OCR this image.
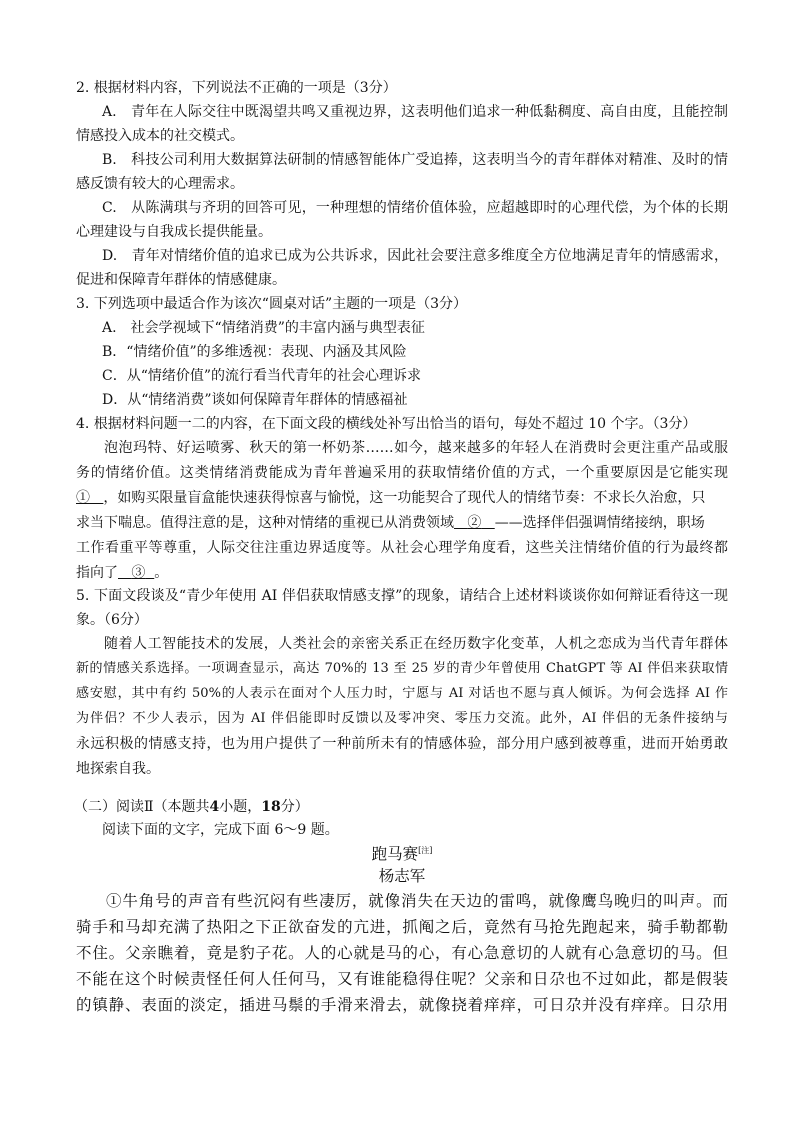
2. 根据材料内容，下列说法不正确的一项是（3分）
A.　青年在人际交往中既渴望共鸣又重视边界，这表明他们追求一种低黏稠度、高自由度，且能控制
情感投入成本的社交模式。
B.　科技公司利用大数据算法研制的情感智能体广受追捧，这表明当今的青年群体对精准、及时的情
感反馈有较大的心理需求。
C.　从陈满琪与齐玥的回答可见，一种理想的情绪价值体验，应超越即时的心理代偿，为个体的长期
心理建设与自我成长提供能量。
D.　青年对情绪价值的追求已成为公共诉求，因此社会要注意多维度全方位地满足青年的情感需求，
促进和保障青年群体的情感健康。
3. 下列选项中最适合作为该次“圆桌对话”主题的一项是（3分）
A.　社会学视域下“情绪消费”的丰富内涵与典型表征
B．“情绪价值”的多维透视：表现、内涵及其风险
C．从“情绪价值”的流行看当代青年的社会心理诉求
D．从“情绪消费”谈如何保障青年群体的情感福祉
4. 根据材料问题一二的内容，在下面文段的横线处补写出恰当的语句，每处不超过 10 个字。（3分）
泡泡玛特、好运喷雾、秋天的第一杯奶茶……如今，越来越多的年轻人在消费时会更注重产品或服
务的情绪价值。这类情绪消费能成为青年普遍采用的获取情绪价值的方式，一个重要原因是它能实现
① ，如购买限量盲盒能快速获得惊喜与愉悦，这一功能契合了现代人的情绪节奏：不求长久治愈，只
求当下喘息。值得注意的是，这种对情绪的重视已从消费领域 ② ——选择伴侣强调情绪接纳，职场
工作看重平等尊重，人际交往注重边界适度等。从社会心理学角度看，这些关注情绪价值的行为最终都
指向了 ③ 。
5. 下面文段谈及“青少年使用 AI 伴侣获取情感支撑”的现象，请结合上述材料谈谈你如何辩证看待这一现
象。（6分）
随着人工智能技术的发展，人类社会的亲密关系正在经历数字化变革，人机之恋成为当代青年群体
新的情感关系选择。一项调查显示，高达 70%的 13 至 25 岁的青少年曾使用 ChatGPT 等 AI 伴侣来获取情
感安慰，其中有约 50%的人表示在面对个人压力时，宁愿与 AI 对话也不愿与真人倾诉。为何会选择 AI 作
为伴侣？不少人表示，因为 AI 伴侣能即时反馈以及零冲突、零压力交流。此外，AI 伴侣的无条件接纳与
永远积极的情感支持，也为用户提供了一种前所未有的情感体验，部分用户感到被尊重，进而开始勇敢
地探索自我。
（二）阅读Ⅱ（本题共4小题，18分）
阅读下面的文字，完成下面 6～9 题。
跑马赛[注]
杨志军
①牛角号的声音有些沉闷有些凄厉，就像消失在天边的雷鸣，就像鹰鸟晚归的叫声。而
骑手和马却充满了热阳之下正欲奋发的亢进，抓阄之后，竟然有马抢先跑起来，骑手勒都勒
不住。父亲瞧着，竟是豹子花。人的心就是马的心，有心急意切的人就有心急意切的马。但
不能在这个时候责怪任何人任何马，又有谁能稳得住呢？父亲和日尕也不过如此，都是假装
的镇静、表面的淡定，插进马鬃的手滑来滑去，就像挠着痒痒，可日尕并没有痒痒。日尕用
